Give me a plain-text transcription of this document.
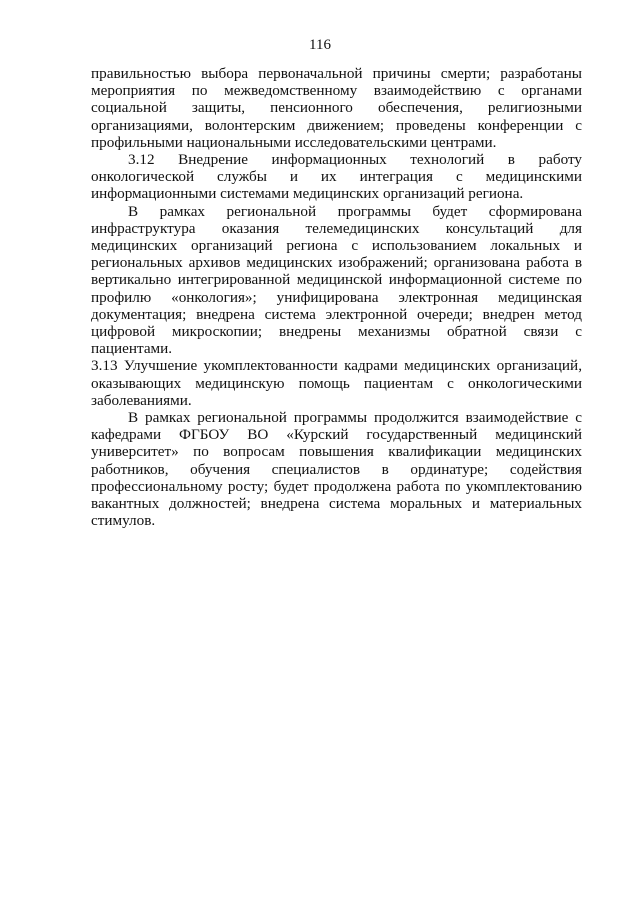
116
правильностью выбора первоначальной причины смерти; разработаны
мероприятия по межведомственному взаимодействию с органами
социальной защиты, пенсионного обеспечения, религиозными
организациями, волонтерским движением; проведены конференции с
профильными национальными исследовательскими центрами.
3.12 Внедрение информационных технологий в работу
онкологической службы и их интеграция с медицинскими
информационными системами медицинских организаций региона.
В рамках региональной программы будет сформирована
инфраструктура оказания телемедицинских консультаций для
медицинских организаций региона с использованием локальных и
региональных архивов медицинских изображений; организована работа в
вертикально интегрированной медицинской информационной системе по
профилю «онкология»; унифицирована электронная медицинская
документация; внедрена система электронной очереди; внедрен метод
цифровой микроскопии; внедрены механизмы обратной связи с
пациентами.
3.13 Улучшение укомплектованности кадрами медицинских организаций,
оказывающих медицинскую помощь пациентам с онкологическими
заболеваниями.
В рамках региональной программы продолжится взаимодействие с
кафедрами ФГБОУ ВО «Курский государственный медицинский
университет» по вопросам повышения квалификации медицинских
работников, обучения специалистов в ординатуре; содействия
профессиональному росту; будет продолжена работа по укомплектованию
вакантных должностей; внедрена система моральных и материальных
стимулов.
